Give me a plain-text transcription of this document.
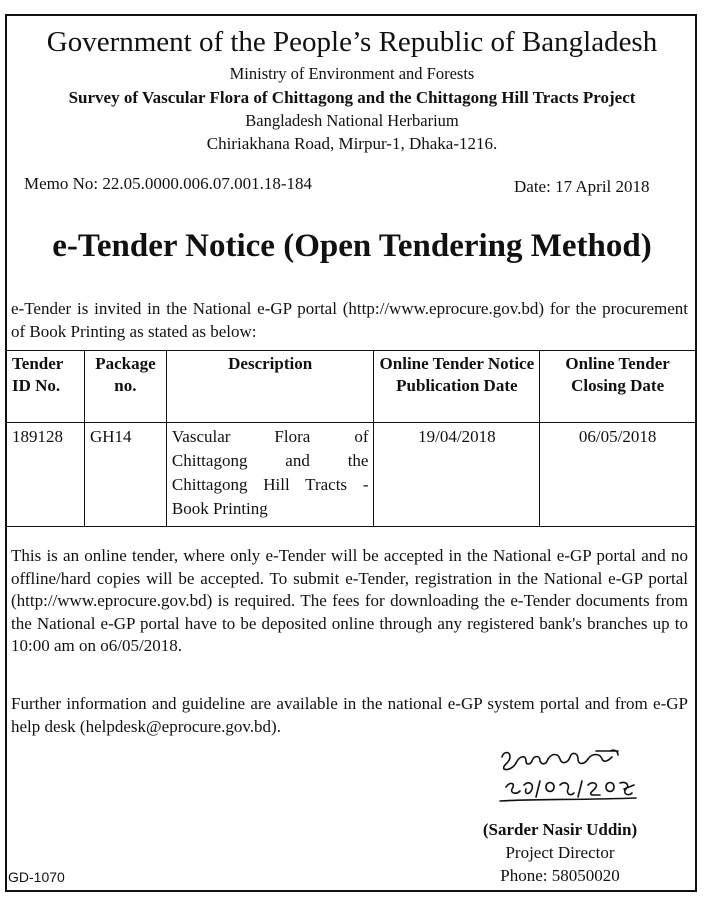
Government of the People’s Republic of Bangladesh
Ministry of Environment and Forests
Survey of Vascular Flora of Chittagong and the Chittagong Hill Tracts Project
Bangladesh National Herbarium
Chiriakhana Road, Mirpur-1, Dhaka-1216.
Memo No: 22.05.0000.006.07.001.18-184	Date: 17 April 2018
e-Tender Notice (Open Tendering Method)
e-Tender is invited in the National e-GP portal (http://www.eprocure.gov.bd) for the procurement of Book Printing as stated as below:
Tender ID No.	Package no.	Description	Online Tender Notice Publication Date	Online Tender Closing Date
189128	GH14	Vascular Flora of Chittagong and the Chittagong Hill Tracts - Book Printing	19/04/2018	06/05/2018
This is an online tender, where only e-Tender will be accepted in the National e-GP portal and no offline/hard copies will be accepted. To submit e-Tender, registration in the National e-GP portal (http://www.eprocure.gov.bd) is required. The fees for downloading the e-Tender documents from the National e-GP portal have to be deposited online through any registered bank's branches up to 10:00 am on o6/05/2018.
Further information and guideline are available in the national e-GP system portal and from e-GP help desk (helpdesk@eprocure.gov.bd).
(Sarder Nasir Uddin)
Project Director
Phone: 58050020
GD-1070
